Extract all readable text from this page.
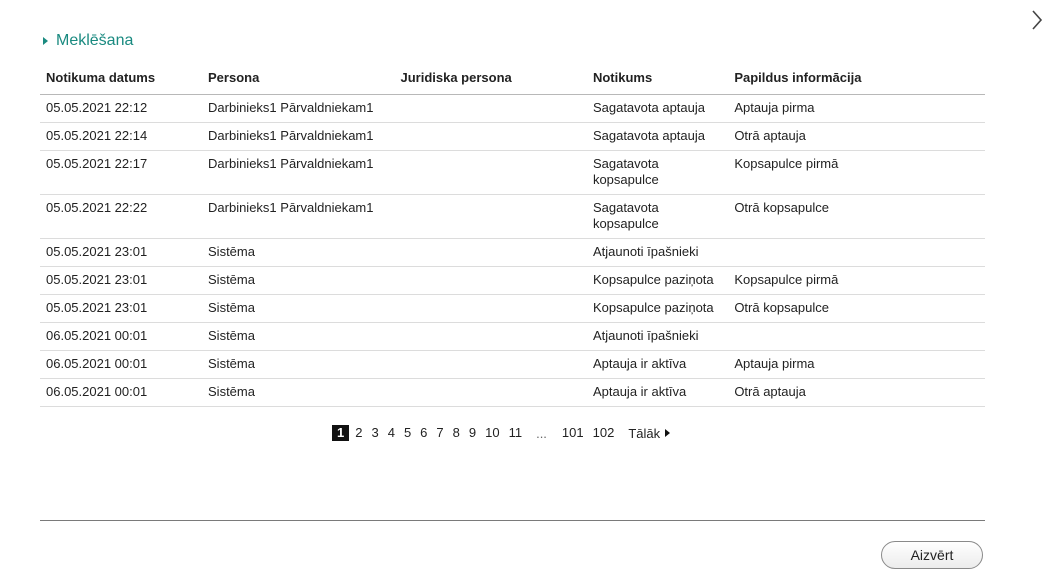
Meklēšana
Notikuma datums	Persona	Juridiska persona	Notikums	Papildus informācija
05.05.2021 22:12	Darbinieks1 Pārvaldniekam1		Sagatavota aptauja	Aptauja pirma
05.05.2021 22:14	Darbinieks1 Pārvaldniekam1		Sagatavota aptauja	Otrā aptauja
05.05.2021 22:17	Darbinieks1 Pārvaldniekam1		Sagatavota kopsapulce	Kopsapulce pirmā
05.05.2021 22:22	Darbinieks1 Pārvaldniekam1		Sagatavota kopsapulce	Otrā kopsapulce
05.05.2021 23:01	Sistēma		Atjaunoti īpašnieki	
05.05.2021 23:01	Sistēma		Kopsapulce paziņota	Kopsapulce pirmā
05.05.2021 23:01	Sistēma		Kopsapulce paziņota	Otrā kopsapulce
06.05.2021 00:01	Sistēma		Atjaunoti īpašnieki	
06.05.2021 00:01	Sistēma		Aptauja ir aktīva	Aptauja pirma
06.05.2021 00:01	Sistēma		Aptauja ir aktīva	Otrā aptauja
1 2 3 4 5 6 7 8 9 10 11	... 101 102	Tālāk
Aizvērt
